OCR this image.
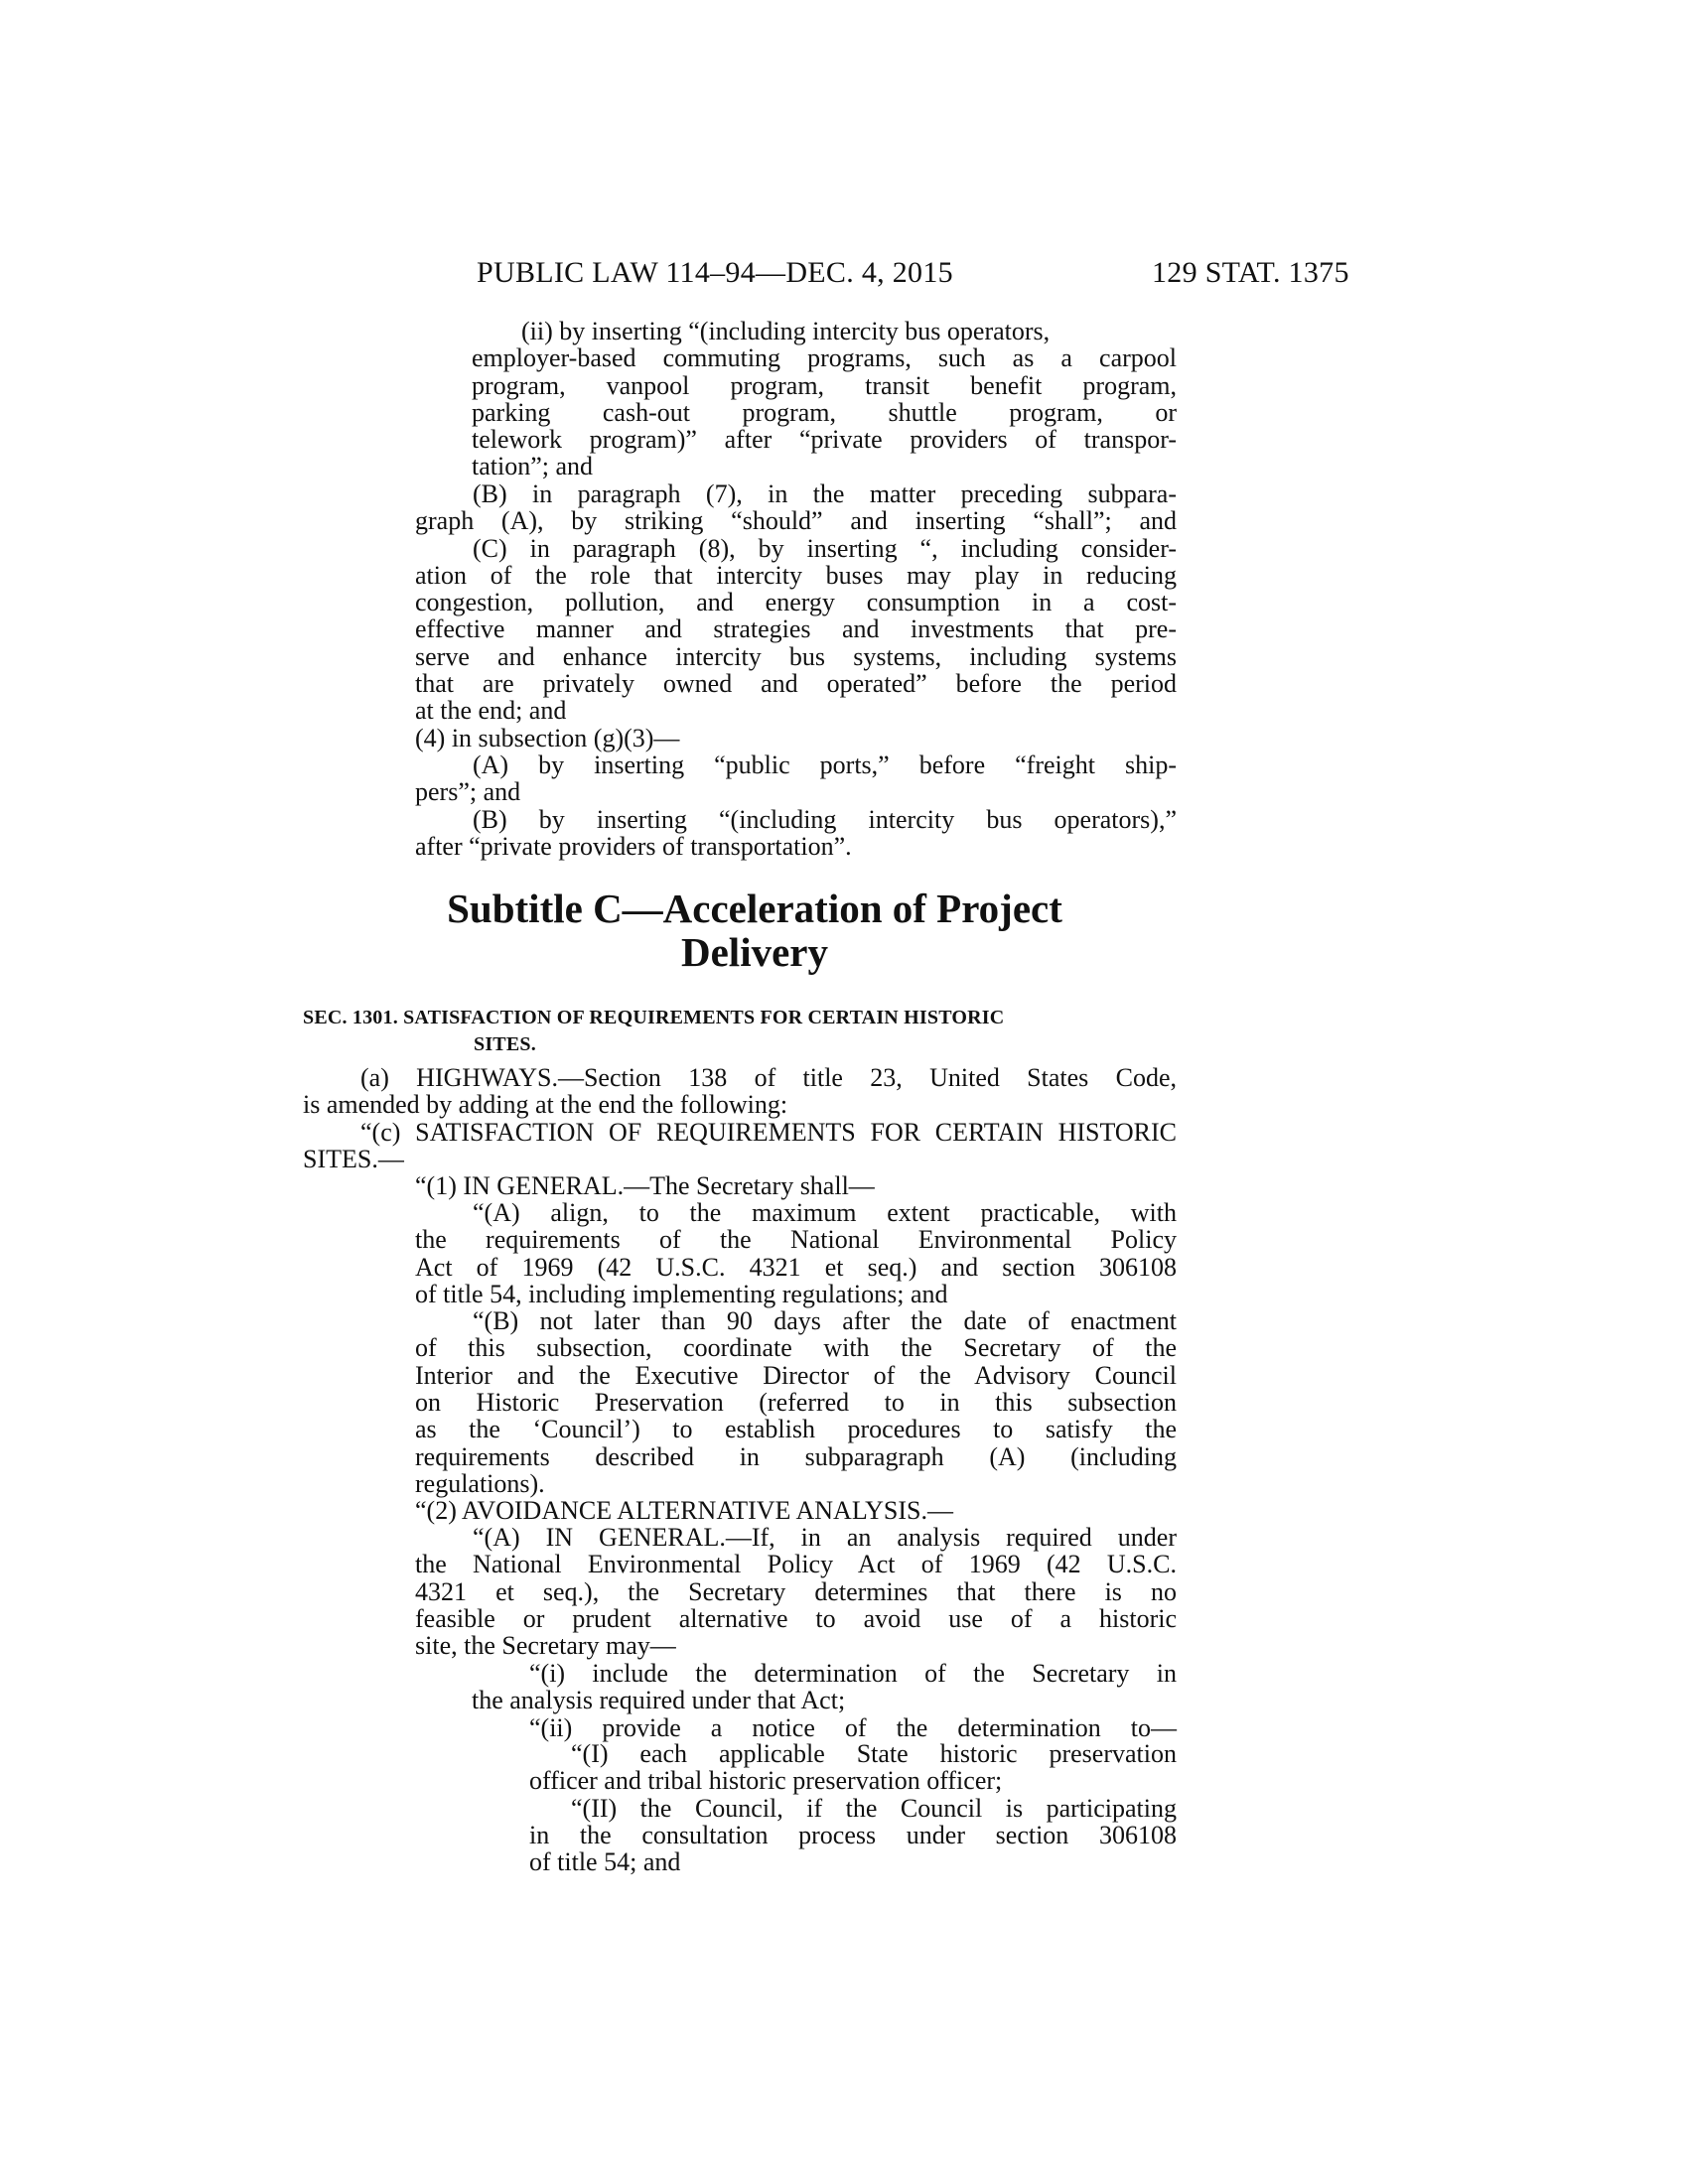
PUBLIC LAW 114–94—DEC. 4, 2015	129 STAT. 1375
(ii) by inserting “(including intercity bus operators,
employer-based commuting programs, such as a carpool
program, vanpool program, transit benefit program,
parking cash-out program, shuttle program, or
telework program)” after “private providers of transpor-
tation”; and
(B) in paragraph (7), in the matter preceding subpara-
graph (A), by striking “should” and inserting “shall”; and
(C) in paragraph (8), by inserting “, including consider-
ation of the role that intercity buses may play in reducing
congestion, pollution, and energy consumption in a cost-
effective manner and strategies and investments that pre-
serve and enhance intercity bus systems, including systems
that are privately owned and operated” before the period
at the end; and
(4) in subsection (g)(3)—
(A) by inserting “public ports,” before “freight ship-
pers”; and
(B) by inserting “(including intercity bus operators),”
after “private providers of transportation”.
Subtitle C—Acceleration of Project
Delivery
SEC. 1301. SATISFACTION OF REQUIREMENTS FOR CERTAIN HISTORIC
SITES.
(a) HIGHWAYS.—Section 138 of title 23, United States Code,
is amended by adding at the end the following:
“(c) SATISFACTION OF REQUIREMENTS FOR CERTAIN HISTORIC
SITES.—
“(1) IN GENERAL.—The Secretary shall—
“(A) align, to the maximum extent practicable, with
the requirements of the National Environmental Policy
Act of 1969 (42 U.S.C. 4321 et seq.) and section 306108
of title 54, including implementing regulations; and
“(B) not later than 90 days after the date of enactment
of this subsection, coordinate with the Secretary of the
Interior and the Executive Director of the Advisory Council
on Historic Preservation (referred to in this subsection
as the ‘Council’) to establish procedures to satisfy the
requirements described in subparagraph (A) (including
regulations).
“(2) AVOIDANCE ALTERNATIVE ANALYSIS.—
“(A) IN GENERAL.—If, in an analysis required under
the National Environmental Policy Act of 1969 (42 U.S.C.
4321 et seq.), the Secretary determines that there is no
feasible or prudent alternative to avoid use of a historic
site, the Secretary may—
“(i) include the determination of the Secretary in
the analysis required under that Act;
“(ii) provide a notice of the determination to—
“(I) each applicable State historic preservation
officer and tribal historic preservation officer;
“(II) the Council, if the Council is participating
in the consultation process under section 306108
of title 54; and
